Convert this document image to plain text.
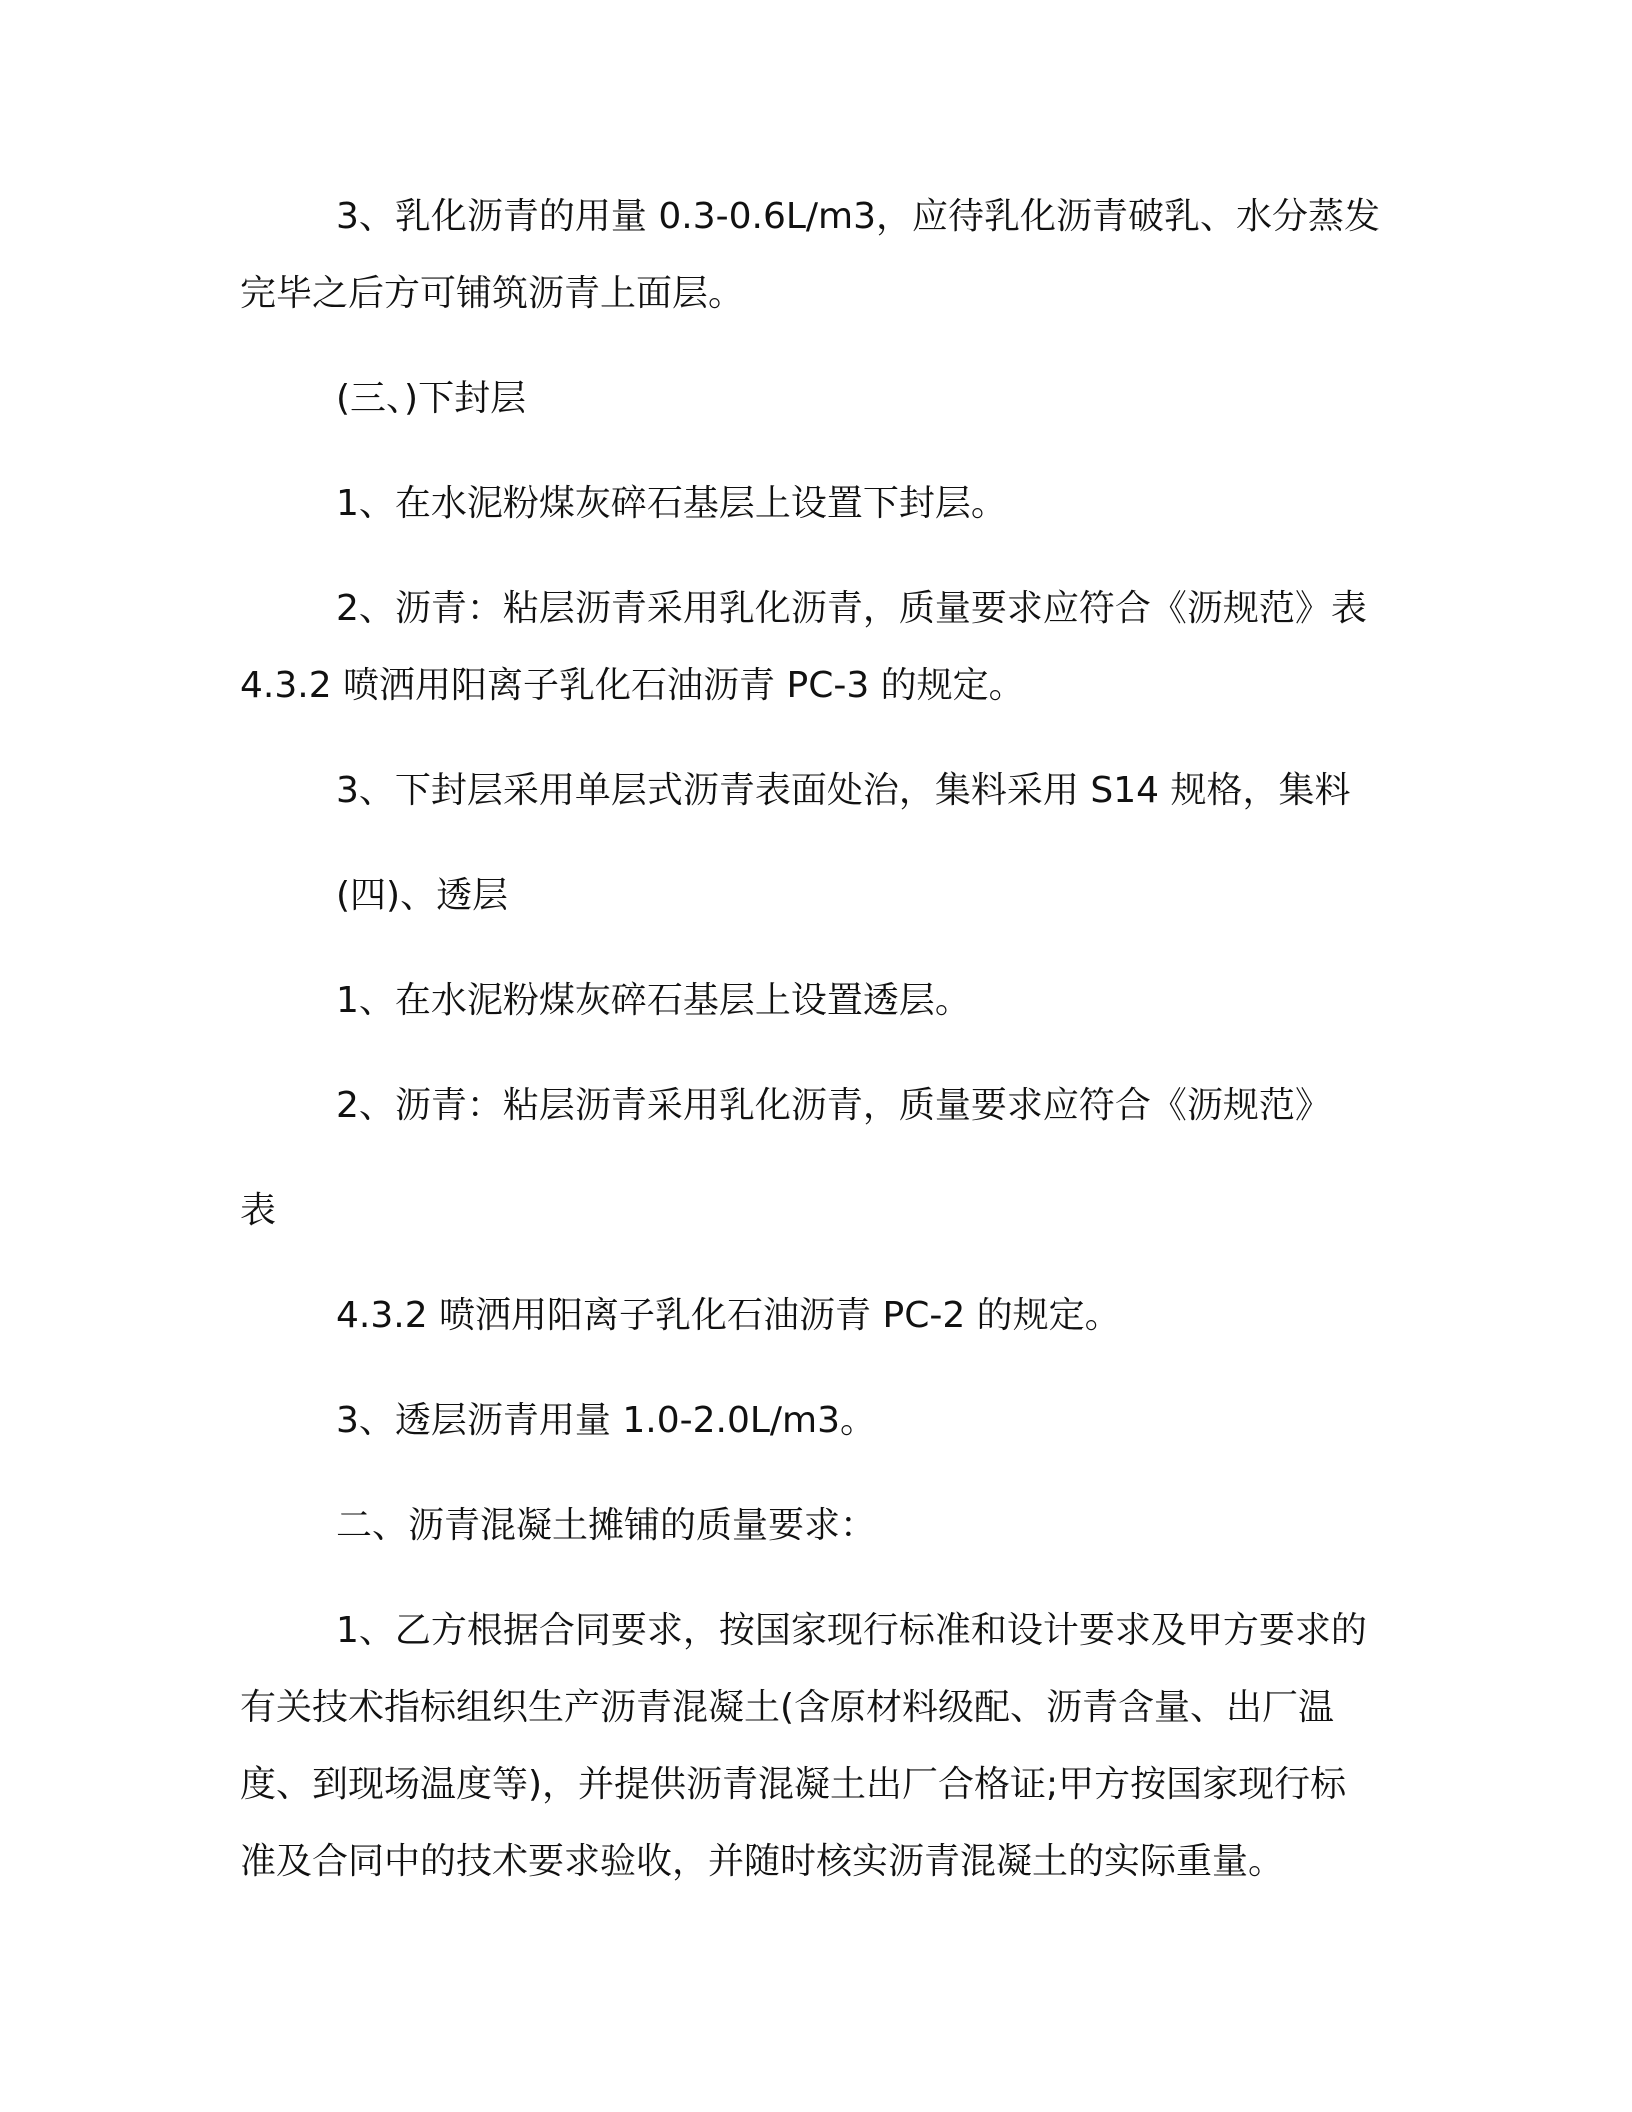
3、乳化沥青的用量 0.3-0.6L/m3，应待乳化沥青破乳、水分蒸发完毕之后方可铺筑沥青上面层。

(三、)下封层

1、在水泥粉煤灰碎石基层上设置下封层。

2、沥青：粘层沥青采用乳化沥青，质量要求应符合《沥规范》表 4.3.2 喷洒用阳离子乳化石油沥青 PC-3 的规定。

3、下封层采用单层式沥青表面处治，集料采用 S14 规格，集料

(四)、透层

1、在水泥粉煤灰碎石基层上设置透层。

2、沥青：粘层沥青采用乳化沥青，质量要求应符合《沥规范》

表

4.3.2 喷洒用阳离子乳化石油沥青 PC-2 的规定。

3、透层沥青用量 1.0-2.0L/m3。

二、沥青混凝土摊铺的质量要求：

1、乙方根据合同要求，按国家现行标准和设计要求及甲方要求的有关技术指标组织生产沥青混凝土(含原材料级配、沥青含量、出厂温度、到现场温度等)，并提供沥青混凝土出厂合格证;甲方按国家现行标准及合同中的技术要求验收，并随时核实沥青混凝土的实际重量。
